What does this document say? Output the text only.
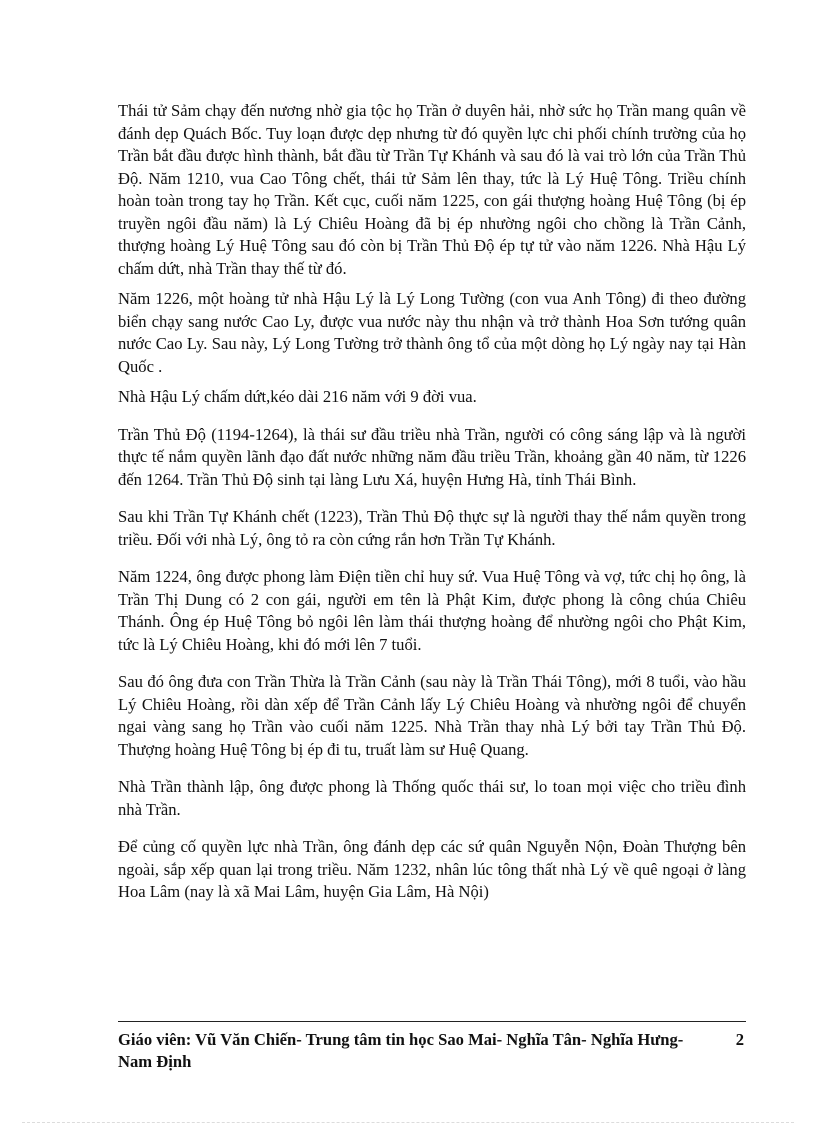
Thái tử Sảm chạy đến nương nhờ gia tộc họ Trần ở duyên hải, nhờ sức họ Trần mang quân về đánh dẹp Quách Bốc. Tuy loạn được dẹp nhưng từ đó quyền lực chi phối chính trường của họ Trần bắt đầu được hình thành, bắt đầu từ Trần Tự Khánh và sau đó là vai trò lớn của Trần Thủ Độ. Năm 1210, vua Cao Tông chết, thái tử Sảm lên thay, tức là Lý Huệ Tông. Triều chính hoàn toàn trong tay họ Trần. Kết cục, cuối năm 1225, con gái thượng hoàng Huệ Tông (bị ép truyền ngôi đầu năm) là Lý Chiêu Hoàng đã bị ép nhường ngôi cho chồng là Trần Cảnh, thượng hoàng Lý Huệ Tông sau đó còn bị Trần Thủ Độ ép tự tử vào năm 1226. Nhà Hậu Lý chấm dứt, nhà Trần thay thế từ đó.

Năm 1226, một hoàng tử nhà Hậu Lý là Lý Long Tường (con vua Anh Tông) đi theo đường biển chạy sang nước Cao Ly, được vua nước này thu nhận và trở thành Hoa Sơn tướng quân nước Cao Ly. Sau này, Lý Long Tường trở thành ông tổ của một dòng họ Lý ngày nay tại Hàn Quốc .

Nhà Hậu Lý chấm dứt,kéo dài 216 năm với 9 đời vua.

Trần Thủ Độ (1194-1264), là thái sư đầu triều nhà Trần, người có công sáng lập và là người thực tế nắm quyền lãnh đạo đất nước những năm đầu triều Trần, khoảng gần 40 năm, từ 1226 đến 1264. Trần Thủ Độ sinh tại làng Lưu Xá, huyện Hưng Hà, tỉnh Thái Bình.

Sau khi Trần Tự Khánh chết (1223), Trần Thủ Độ thực sự là người thay thế nắm quyền trong triều. Đối với nhà Lý, ông tỏ ra còn cứng rắn hơn Trần Tự Khánh.

Năm 1224, ông được phong làm Điện tiền chỉ huy sứ. Vua Huệ Tông và vợ, tức chị họ ông, là Trần Thị Dung có 2 con gái, người em tên là Phật Kim, được phong là công chúa Chiêu Thánh. Ông ép Huệ Tông bỏ ngôi lên làm thái thượng hoàng để nhường ngôi cho Phật Kim, tức là Lý Chiêu Hoàng, khi đó mới lên 7 tuổi.

Sau đó ông đưa con Trần Thừa là Trần Cảnh (sau này là Trần Thái Tông), mới 8 tuổi, vào hầu Lý Chiêu Hoàng, rồi dàn xếp để Trần Cảnh lấy Lý Chiêu Hoàng và nhường ngôi để chuyển ngai vàng sang họ Trần vào cuối năm 1225. Nhà Trần thay nhà Lý bởi tay Trần Thủ Độ. Thượng hoàng Huệ Tông bị ép đi tu, truất làm sư Huệ Quang.

Nhà Trần thành lập, ông được phong là Thống quốc thái sư, lo toan mọi việc cho triều đình nhà Trần.

Để củng cố quyền lực nhà Trần, ông đánh dẹp các sứ quân Nguyễn Nộn, Đoàn Thượng bên ngoài, sắp xếp quan lại trong triều. Năm 1232, nhân lúc tông thất nhà Lý về quê ngoại ở làng Hoa Lâm (nay là xã Mai Lâm, huyện Gia Lâm, Hà Nội)

Giáo viên: Vũ Văn Chiến- Trung tâm tin học Sao Mai- Nghĩa Tân- Nghĩa Hưng- Nam Định
2
